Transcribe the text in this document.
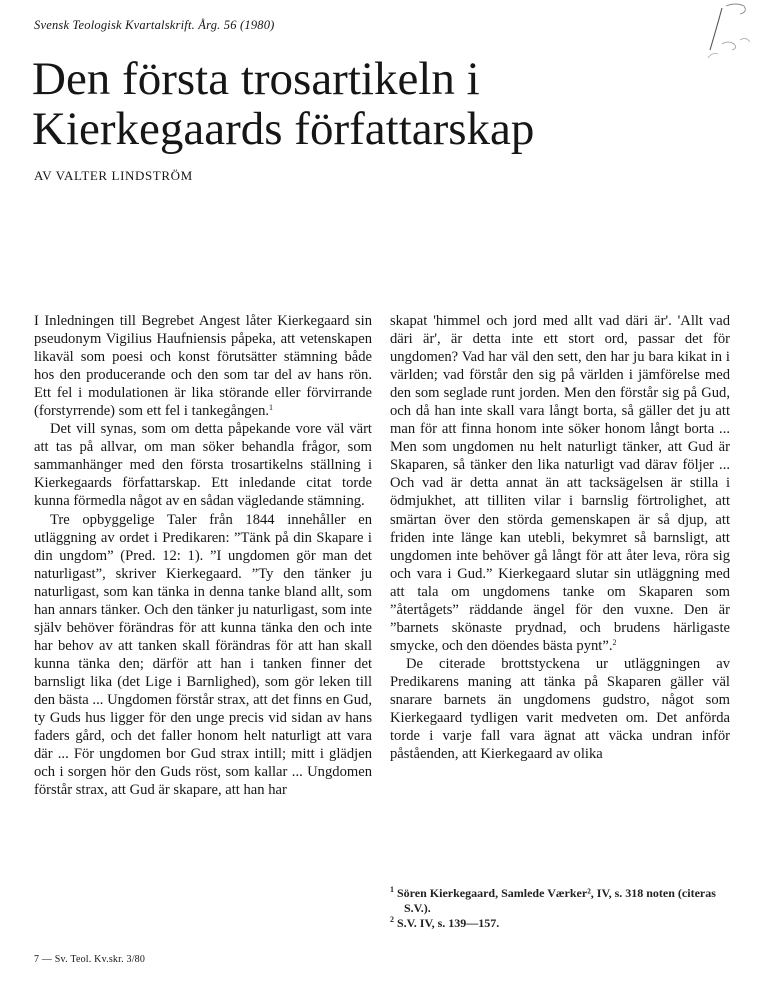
Svensk Teologisk Kvartalskrift. Årg. 56 (1980)
Den första trosartikeln i
Kierkegaards författarskap
AV VALTER LINDSTRÖM

I Inledningen till Begrebet Angest låter Kierkegaard sin pseudonym Vigilius Haufniensis påpeka, att vetenskapen likaväl som poesi och konst förutsätter stämning både hos den producerande och den som tar del av hans rön. Ett fel i modulationen är lika störande eller förvirrande (forstyrrende) som ett fel i tankegången.$^1$

Det vill synas, som om detta påpekande vore väl värt att tas på allvar, om man söker behandla frågor, som sammanhänger med den första trosartikelns ställning i Kierkegaards författarskap. Ett inledande citat torde kunna förmedla något av en sådan vägledande stämning.

Tre opbyggelige Taler från 1844 innehåller en utläggning av ordet i Predikaren: ”Tänk på din Skapare i din ungdom” (Pred. 12: 1). ”I ungdomen gör man det naturligast”, skriver Kierkegaard. ”Ty den tänker ju naturligast, som kan tänka in denna tanke bland allt, som han annars tänker. Och den tänker ju naturligast, som inte själv behöver förändras för att kunna tänka den och inte har behov av att tanken skall förändras för att han skall kunna tänka den; därför att han i tanken finner det barnsligt lika (det Lige i Barnlighed), som gör leken till den bästa ... Ungdomen förstår strax, att det finns en Gud, ty Guds hus ligger för den unge precis vid sidan av hans faders gård, och det faller honom helt naturligt att vara där ... För ungdomen bor Gud strax intill; mitt i glädjen och i sorgen hör den Guds röst, som kallar ... Ungdomen förstår strax, att Gud är skapare, att han har

skapat 'himmel och jord med allt vad däri är'. 'Allt vad däri är', är detta inte ett stort ord, passar det för ungdomen? Vad har väl den sett, den har ju bara kikat in i världen; vad förstår den sig på världen i jämförelse med den som seglade runt jorden. Men den förstår sig på Gud, och då han inte skall vara långt borta, så gäller det ju att man för att finna honom inte söker honom långt borta ... Men som ungdomen nu helt naturligt tänker, att Gud är Skaparen, så tänker den lika naturligt vad därav följer ... Och vad är detta annat än att tacksägelsen är stilla i ödmjukhet, att tilliten vilar i barnslig förtrolighet, att smärtan över den störda gemenskapen är så djup, att friden inte länge kan utebli, bekymret så barnsligt, att ungdomen inte behöver gå långt för att åter leva, röra sig och vara i Gud.” Kierkegaard slutar sin utläggning med att tala om ungdomens tanke om Skaparen som ”återtågets” räddande ängel för den vuxne. Den är ”barnets skönaste prydnad, och brudens härligaste smycke, och den döendes bästa pynt”.$^2$

De citerade brottstyckena ur utläggningen av Predikarens maning att tänka på Skaparen gäller väl snarare barnets än ungdomens gudstro, något som Kierkegaard tydligen varit medveten om. Det anförda torde i varje fall vara ägnat att väcka undran inför påståenden, att Kierkegaard av olika

$^1$ Sören Kierkegaard, Samlede Værker², IV, s. 318 noten (citeras S.V.).
$^2$ S.V. IV, s. 139—157.
7 — Sv. Teol. Kv.skr. 3/80
